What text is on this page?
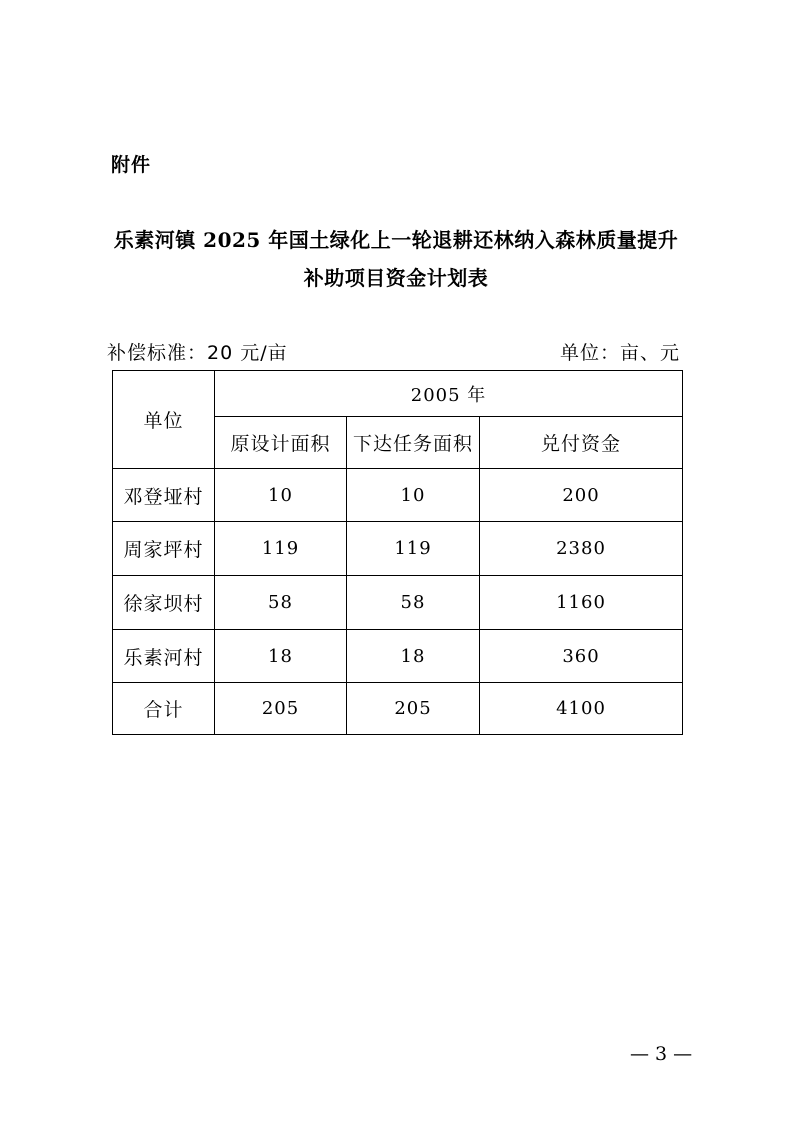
附件
乐素河镇 2025 年国土绿化上一轮退耕还林纳入森林质量提升
补助项目资金计划表
补偿标准：20 元/亩	单位：亩、元
单位	2005 年		
	原设计面积	下达任务面积	兑付资金
邓登垭村	10	10	200
周家坪村	119	119	2380
徐家坝村	58	58	1160
乐素河村	18	18	360
合计	205	205	4100
— 3 —
